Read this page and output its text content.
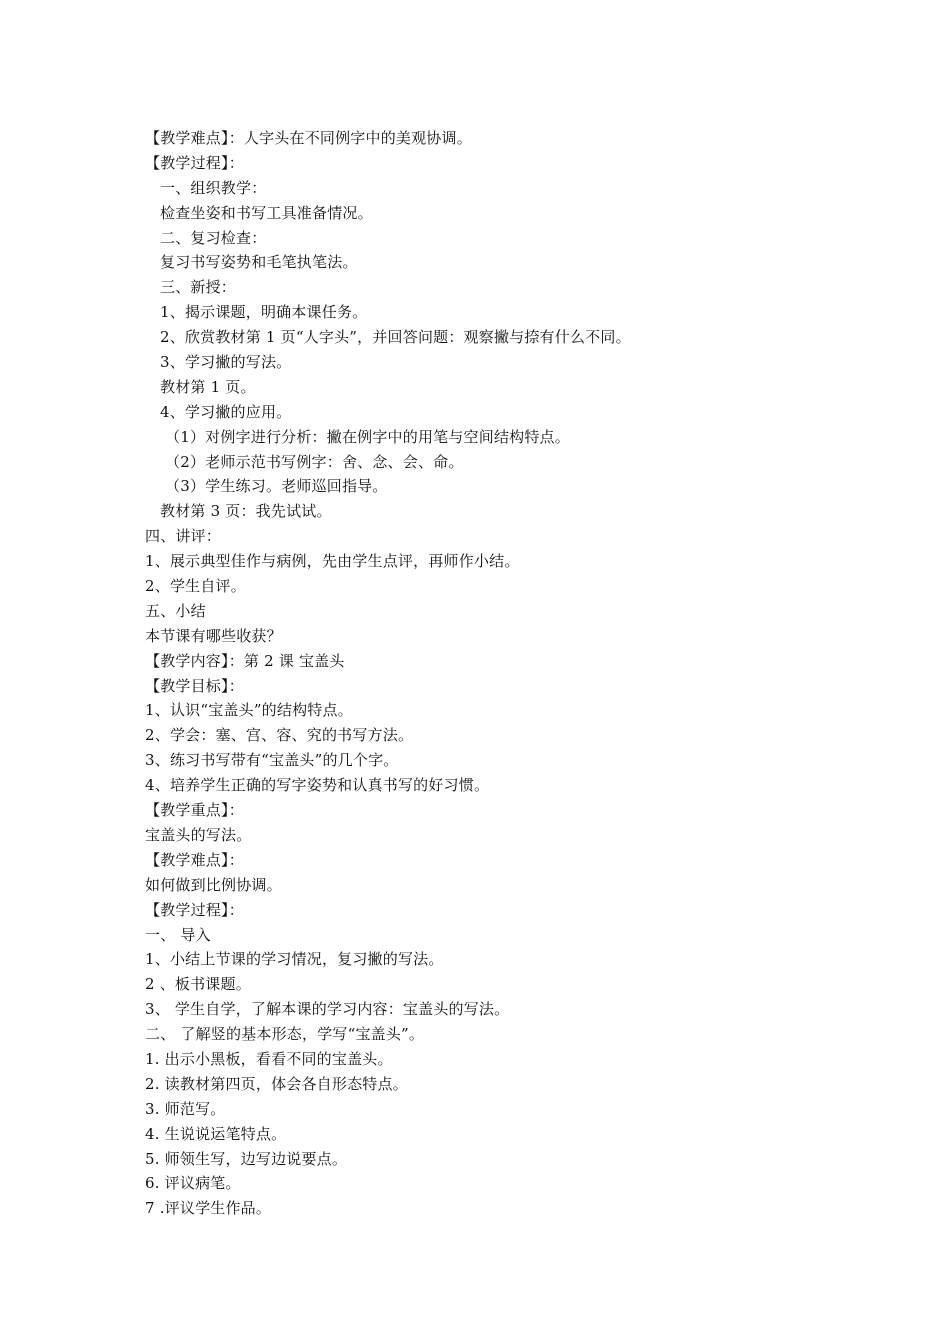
【教学难点】：人字头在不同例字中的美观协调。
【教学过程】：
一、组织教学：
检查坐姿和书写工具准备情况。
二、复习检查：
复习书写姿势和毛笔执笔法。
三、新授：
1、揭示课题，明确本课任务。
2、欣赏教材第 1 页“人字头”，并回答问题：观察撇与捺有什么不同。
3、学习撇的写法。
教材第 1 页。
4、学习撇的应用。
（1）对例字进行分析：撇在例字中的用笔与空间结构特点。
（2）老师示范书写例字：舍、念、会、命。
（3）学生练习。老师巡回指导。
教材第 3 页：我先试试。
四、讲评：
1、展示典型佳作与病例，先由学生点评，再师作小结。
2、学生自评。
五、小结
本节课有哪些收获？
【教学内容】：第 2 课 宝盖头
【教学目标】：
1、认识“宝盖头”的结构特点。
2、学会：塞、宫、容、究的书写方法。
3、练习书写带有“宝盖头”的几个字。
4、培养学生正确的写字姿势和认真书写的好习惯。
【教学重点】：
宝盖头的写法。
【教学难点】：
如何做到比例协调。
【教学过程】：
一、 导入
1、小结上节课的学习情况，复习撇的写法。
2 、板书课题。
3、 学生自学，了解本课的学习内容：宝盖头的写法。
二、 了解竖的基本形态，学写“宝盖头”。
1. 出示小黑板，看看不同的宝盖头。
2. 读教材第四页，体会各自形态特点。
3. 师范写。
4. 生说说运笔特点。
5. 师领生写，边写边说要点。
6. 评议病笔。
7 .评议学生作品。
